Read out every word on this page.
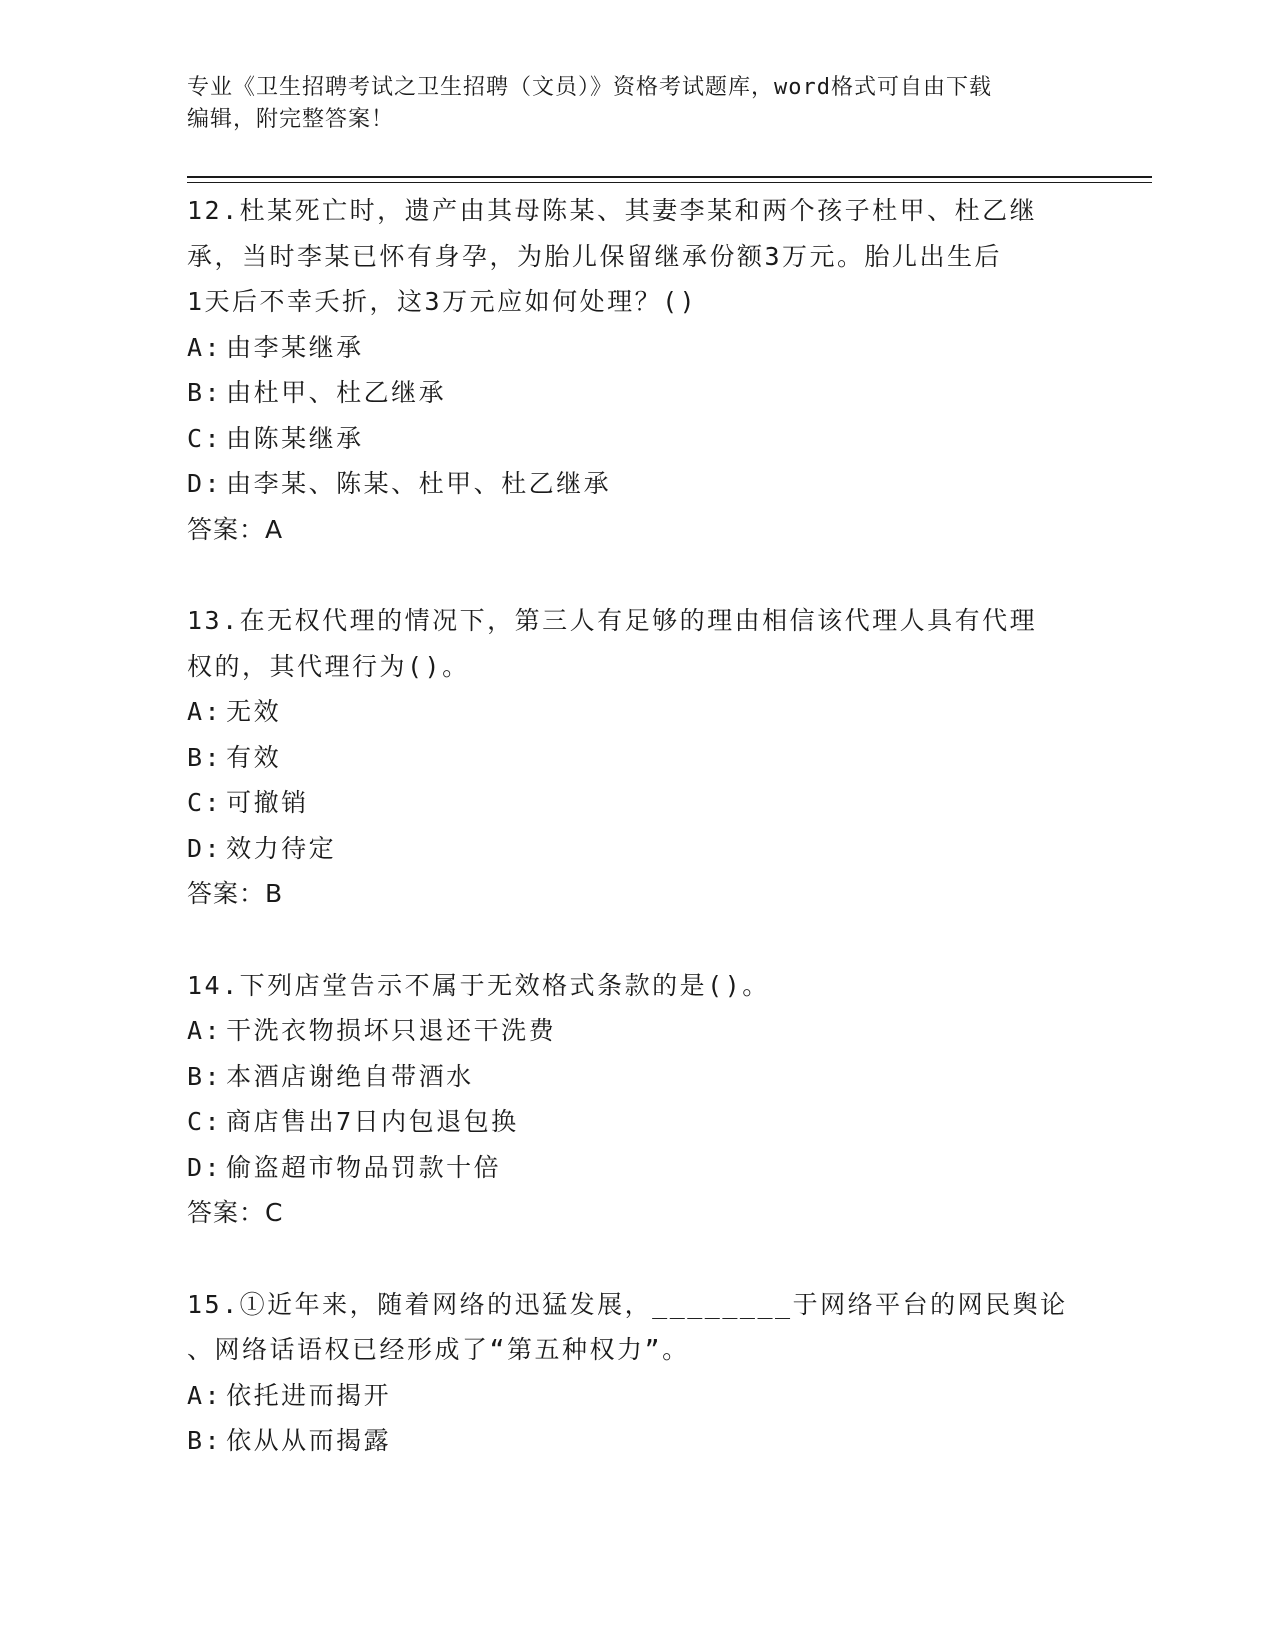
专业《卫生招聘考试之卫生招聘（文员）》资格考试题库，word格式可自由下载
编辑，附完整答案！
12.杜某死亡时，遗产由其母陈某、其妻李某和两个孩子杜甲、杜乙继
承，当时李某已怀有身孕，为胎儿保留继承份额3万元。胎儿出生后
1天后不幸夭折，这3万元应如何处理？()
A: 由李某继承
B: 由杜甲、杜乙继承
C: 由陈某继承
D: 由李某、陈某、杜甲、杜乙继承
答案：A
13.在无权代理的情况下，第三人有足够的理由相信该代理人具有代理
权的，其代理行为()。
A: 无效
B: 有效
C: 可撤销
D: 效力待定
答案：B
14.下列店堂告示不属于无效格式条款的是()。
A: 干洗衣物损坏只退还干洗费
B: 本酒店谢绝自带酒水
C: 商店售出7日内包退包换
D: 偷盗超市物品罚款十倍
答案：C
15.①近年来，随着网络的迅猛发展，________于网络平台的网民舆论
、网络话语权已经形成了“第五种权力”。
A: 依托进而揭开
B: 依从从而揭露
